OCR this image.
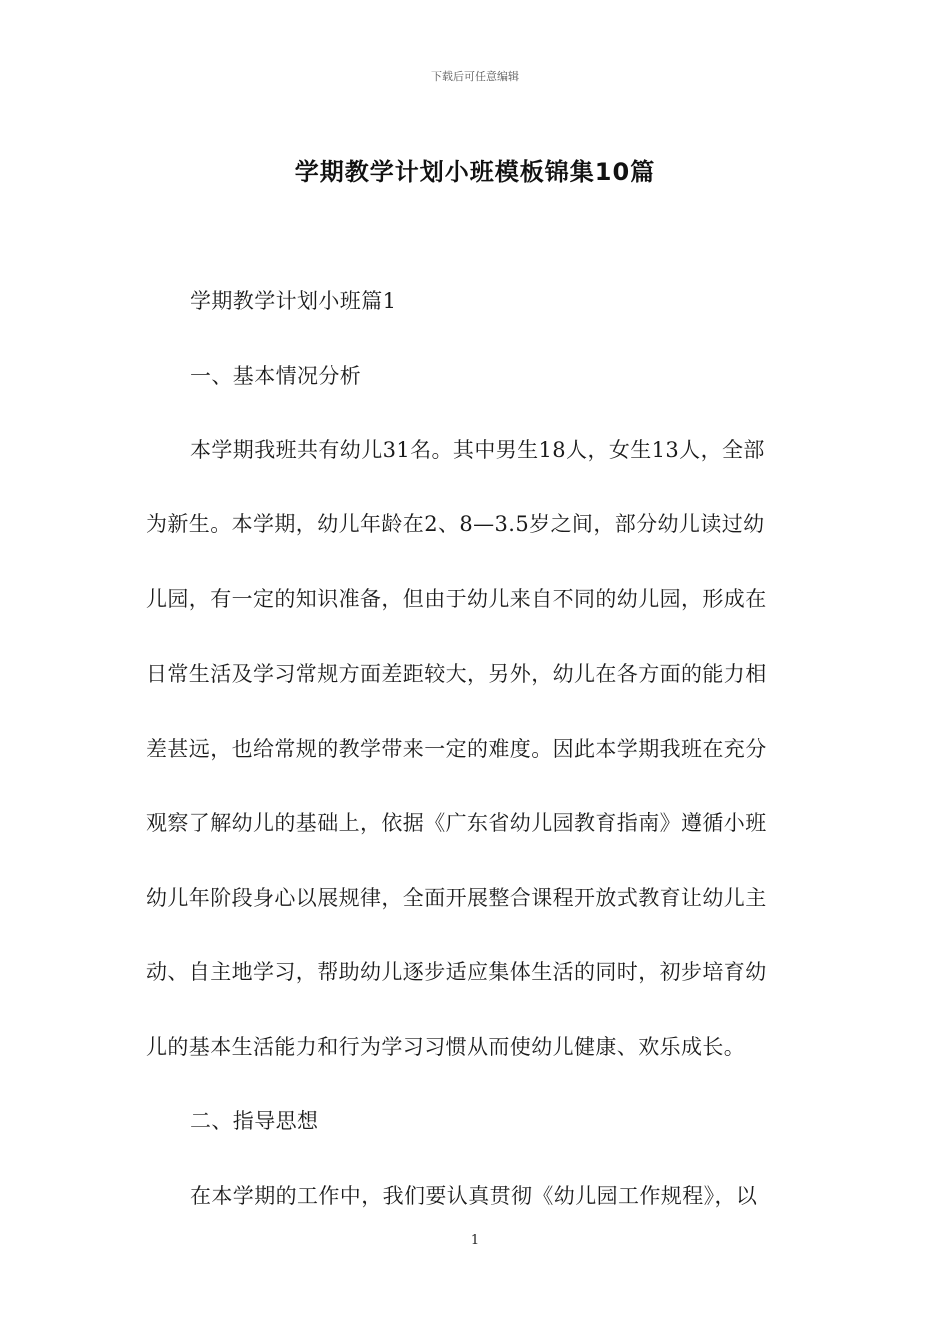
下载后可任意编辑
学期教学计划小班模板锦集10篇
学期教学计划小班篇1
一、基本情况分析
本学期我班共有幼儿31名。其中男生18人，女生13人，全部
为新生。本学期，幼儿年龄在2、8—3.5岁之间，部分幼儿读过幼
儿园，有一定的知识准备，但由于幼儿来自不同的幼儿园，形成在
日常生活及学习常规方面差距较大，另外，幼儿在各方面的能力相
差甚远，也给常规的教学带来一定的难度。因此本学期我班在充分
观察了解幼儿的基础上，依据《广东省幼儿园教育指南》遵循小班
幼儿年阶段身心以展规律，全面开展整合课程开放式教育让幼儿主
动、自主地学习，帮助幼儿逐步适应集体生活的同时，初步培育幼
儿的基本生活能力和行为学习习惯从而使幼儿健康、欢乐成长。
二、指导思想
在本学期的工作中，我们要认真贯彻《幼儿园工作规程》，以
1
